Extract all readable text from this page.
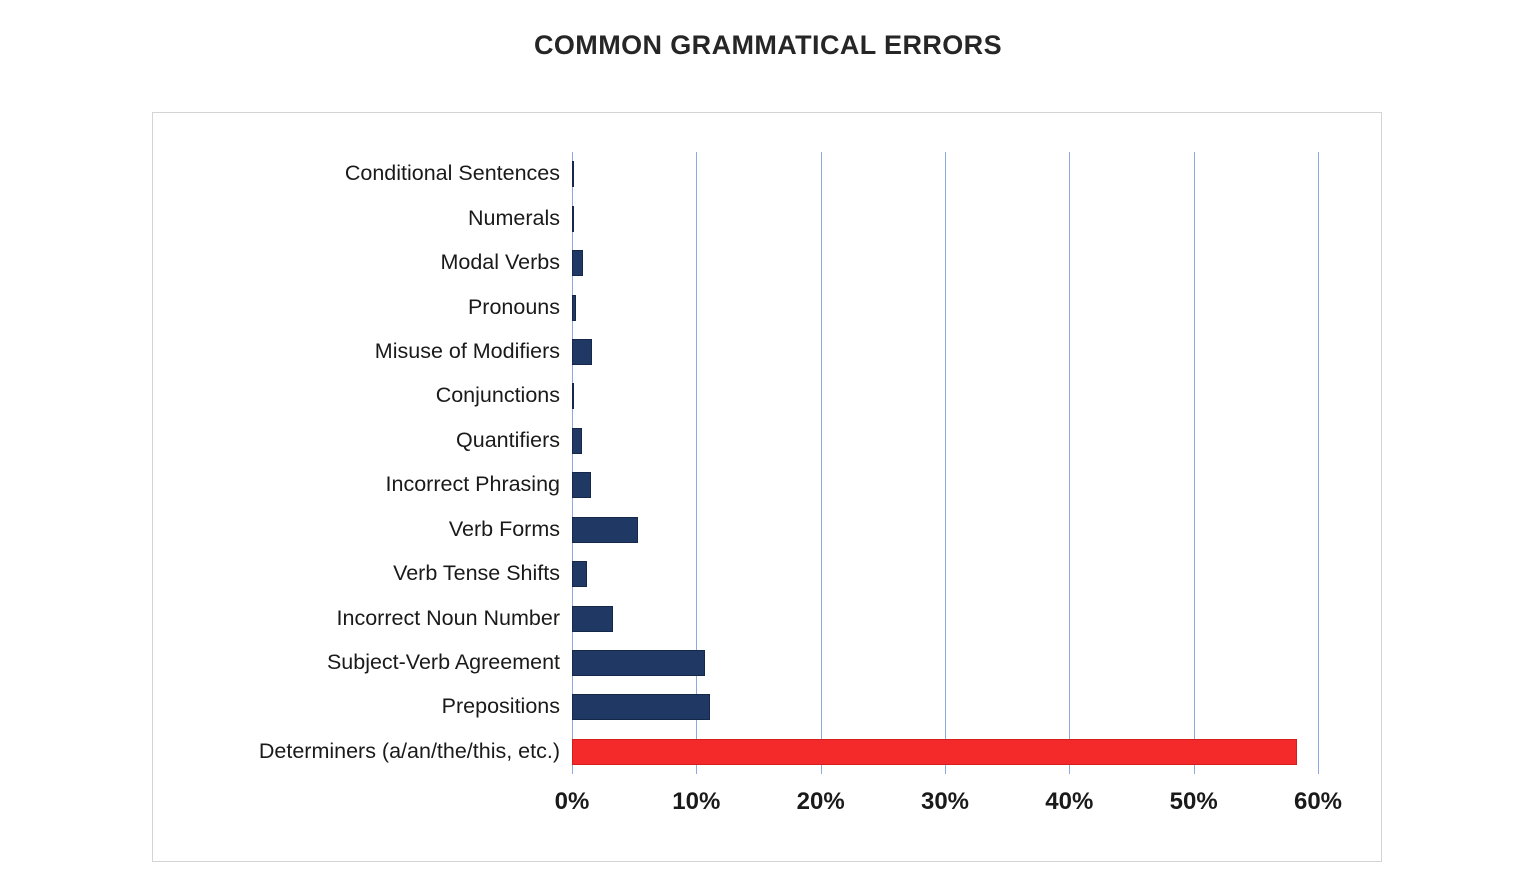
COMMON GRAMMATICAL ERRORS
Conditional Sentences
Numerals
Modal Verbs
Pronouns
Misuse of Modifiers
Conjunctions
Quantifiers
Incorrect Phrasing
Verb Forms
Verb Tense Shifts
Incorrect Noun Number
Subject-Verb Agreement
Prepositions
Determiners (a/an/the/this, etc.)
0%	10%	20%	30%	40%	50%	60%
